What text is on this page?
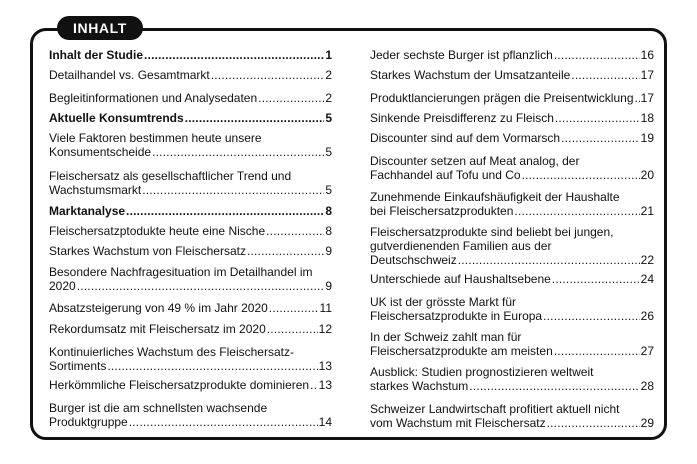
INHALT
Inhalt der Studie .....	1
Detailhandel vs. Gesamtmarkt .....	2
Begleitinformationen und Analysedaten .....	2
Aktuelle Konsumtrends .....	5
Viele Faktoren bestimmen heute unsere
Konsumentscheide .....	5
Fleischersatz als gesellschaftlicher Trend und
Wachstumsmarkt .....	5
Marktanalyse .....	8
Fleischersatzptodukte heute eine Nische .....	8
Starkes Wachstum von Fleischersatz .....	9
Besondere Nachfragesituation im Detailhandel im
2020 .....	9
Absatzsteigerung von 49 % im Jahr 2020 .....	11
Rekordumsatz mit Fleischersatz im 2020 .....	12
Kontinuierliches Wachstum des Fleischersatz-
Sortiments .....	13
Herkömmliche Fleischersatzprodukte dominieren ..... 13
Burger ist die am schnellsten wachsende
Produktgruppe .....	14
Jeder sechste Burger ist pflanzlich .....	16
Starkes Wachstum der Umsatzanteile .....	17
Produktlancierungen prägen die Preisentwicklung ..... 17
Sinkende Preisdifferenz zu Fleisch .....	18
Discounter sind auf dem Vormarsch .....	19
Discounter setzen auf Meat analog, der
Fachhandel auf Tofu und Co .....	20
Zunehmende Einkaufshäufigkeit der Haushalte
bei Fleischersatzprodukten .....	21
Fleischersatzprodukte sind beliebt bei jungen,
gutverdienenden Familien aus der
Deutschschweiz .....	22
Unterschiede auf Haushaltsebene .....	24
UK ist der grösste Markt für
Fleischersatzprodukte in Europa .....	26
In der Schweiz zahlt man für
Fleischersatzprodukte am meisten .....	27
Ausblick: Studien prognostizieren weltweit
starkes Wachstum .....	28
Schweizer Landwirtschaft profitiert aktuell nicht
vom Wachstum mit Fleischersatz .....	29
